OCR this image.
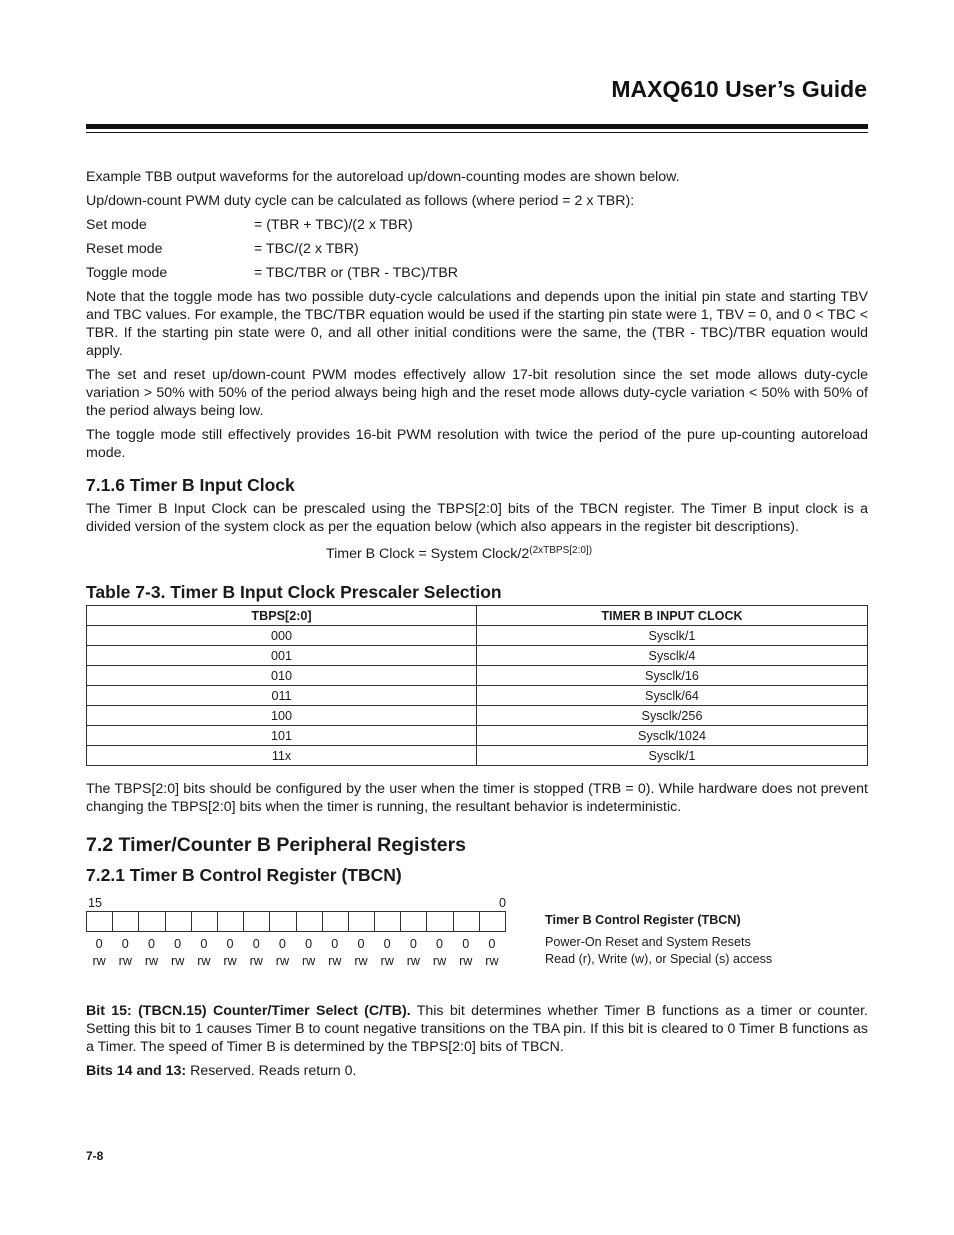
MAXQ610 User’s Guide

Example TBB output waveforms for the autoreload up/down-counting modes are shown below.

Up/down-count PWM duty cycle can be calculated as follows (where period = 2 x TBR):

Set mode	= (TBR + TBC)/(2 x TBR)
Reset mode	= TBC/(2 x TBR)
Toggle mode	= TBC/TBR or (TBR - TBC)/TBR

Note that the toggle mode has two possible duty-cycle calculations and depends upon the initial pin state and starting TBV and TBC values. For example, the TBC/TBR equation would be used if the starting pin state were 1, TBV = 0, and 0 < TBC < TBR. If the starting pin state were 0, and all other initial conditions were the same, the (TBR - TBC)/TBR equation would apply.

The set and reset up/down-count PWM modes effectively allow 17-bit resolution since the set mode allows duty-cycle variation > 50% with 50% of the period always being high and the reset mode allows duty-cycle variation < 50% with 50% of the period always being low.

The toggle mode still effectively provides 16-bit PWM resolution with twice the period of the pure up-counting autoreload mode.

7.1.6 Timer B Input Clock

The Timer B Input Clock can be prescaled using the TBPS[2:0] bits of the TBCN register. The Timer B input clock is a divided version of the system clock as per the equation below (which also appears in the register bit descriptions).

Timer B Clock = System Clock/$2^{(2xTBPS[2:0])}$
Table 7-3. Timer B Input Clock Prescaler Selection
TBPS[2:0]	TIMER B INPUT CLOCK
000	Sysclk/1
001	Sysclk/4
010	Sysclk/16
011	Sysclk/64
100	Sysclk/256
101	Sysclk/1024
11x	Sysclk/1

The TBPS[2:0] bits should be configured by the user when the timer is stopped (TRB = 0). While hardware does not prevent changing the TBPS[2:0] bits when the timer is running, the resultant behavior is indeterministic.

7.2 Timer/Counter B Peripheral Registers
7.2.1 Timer B Control Register (TBCN)
15	0
0	0	0	0	0	0	0	0	0	0	0	0	0	0	0	0
rw	rw	rw	rw	rw	rw	rw	rw	rw	rw	rw	rw	rw	rw	rw	rw
Timer B Control Register (TBCN)
Power-On Reset and System Resets
Read (r), Write (w), or Special (s) access

Bit 15: (TBCN.15) Counter/Timer Select (C/TB). This bit determines whether Timer B functions as a timer or counter. Setting this bit to 1 causes Timer B to count negative transitions on the TBA pin. If this bit is cleared to 0 Timer B functions as a Timer. The speed of Timer B is determined by the TBPS[2:0] bits of TBCN.

Bits 14 and 13: Reserved. Reads return 0.

7-8
